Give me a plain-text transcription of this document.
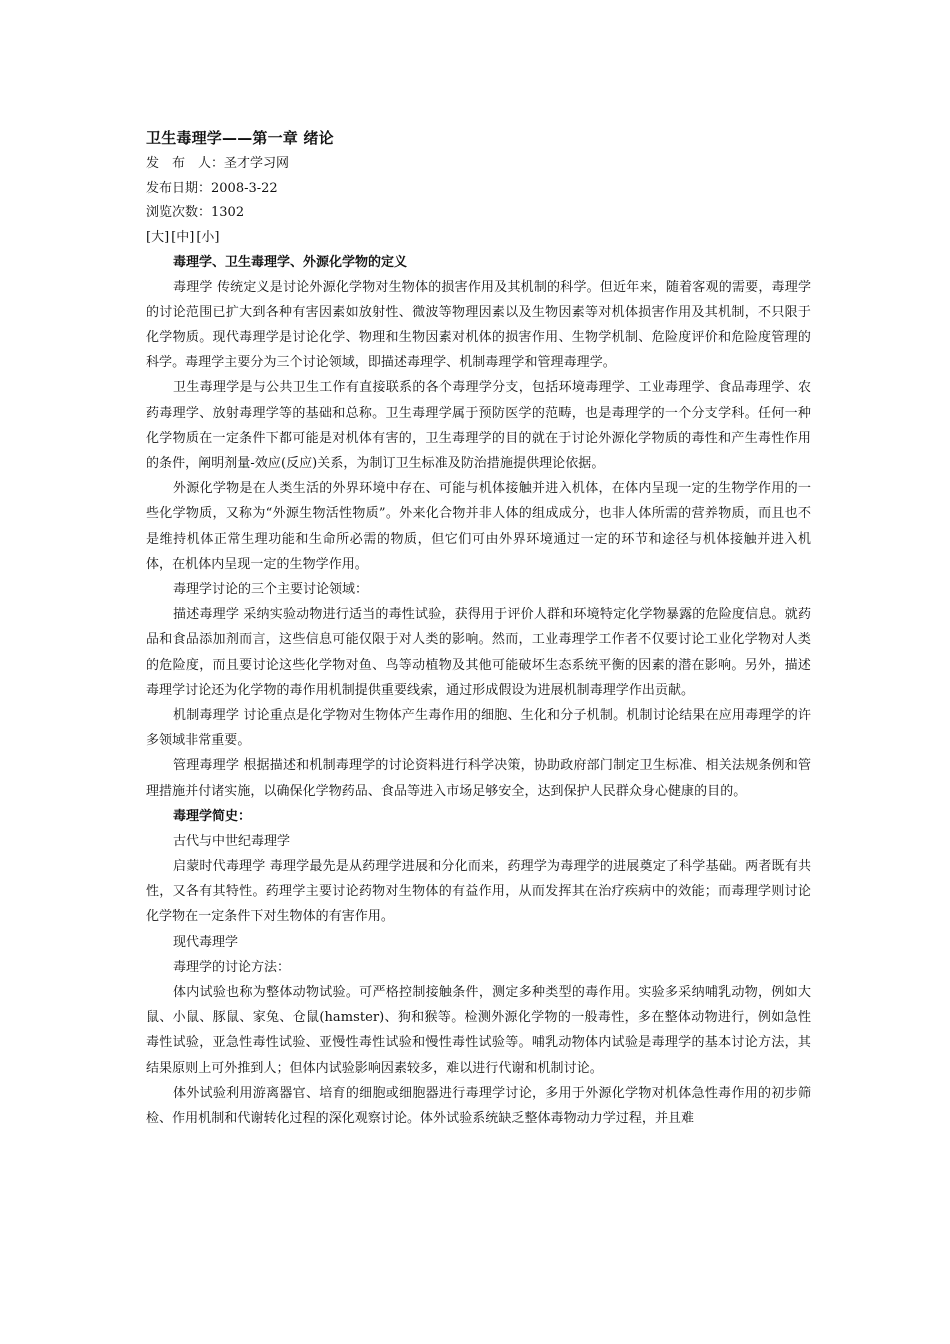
卫生毒理学——第一章 绪论
发　布　人：圣才学习网
发布日期：2008-3-22
浏览次数：1302
[大] [中] [小]
毒理学、卫生毒理学、外源化学物的定义

毒理学 传统定义是讨论外源化学物对生物体的损害作用及其机制的科学。但近年来，随着客观的需要，毒理学的讨论范围已扩大到各种有害因素如放射性、微波等物理因素以及生物因素等对机体损害作用及其机制，不只限于化学物质。现代毒理学是讨论化学、物理和生物因素对机体的损害作用、生物学机制、危险度评价和危险度管理的科学。毒理学主要分为三个讨论领域，即描述毒理学、机制毒理学和管理毒理学。

卫生毒理学是与公共卫生工作有直接联系的各个毒理学分支，包括环境毒理学、工业毒理学、食品毒理学、农药毒理学、放射毒理学等的基础和总称。卫生毒理学属于预防医学的范畴，也是毒理学的一个分支学科。任何一种化学物质在一定条件下都可能是对机体有害的，卫生毒理学的目的就在于讨论外源化学物质的毒性和产生毒性作用的条件，阐明剂量-效应(反应)关系，为制订卫生标准及防治措施提供理论依据。

外源化学物是在人类生活的外界环境中存在、可能与机体接触并进入机体，在体内呈现一定的生物学作用的一些化学物质，又称为“外源生物活性物质”。外来化合物并非人体的组成成分，也非人体所需的营养物质，而且也不是维持机体正常生理功能和生命所必需的物质，但它们可由外界环境通过一定的环节和途径与机体接触并进入机体，在机体内呈现一定的生物学作用。

毒理学讨论的三个主要讨论领域：

描述毒理学 采纳实验动物进行适当的毒性试验，获得用于评价人群和环境特定化学物暴露的危险度信息。就药品和食品添加剂而言，这些信息可能仅限于对人类的影响。然而，工业毒理学工作者不仅要讨论工业化学物对人类的危险度，而且要讨论这些化学物对鱼、鸟等动植物及其他可能破坏生态系统平衡的因素的潜在影响。另外，描述毒理学讨论还为化学物的毒作用机制提供重要线索，通过形成假设为进展机制毒理学作出贡献。

机制毒理学 讨论重点是化学物对生物体产生毒作用的细胞、生化和分子机制。机制讨论结果在应用毒理学的许多领域非常重要。

管理毒理学 根据描述和机制毒理学的讨论资料进行科学决策，协助政府部门制定卫生标准、相关法规条例和管理措施并付诸实施，以确保化学物药品、食品等进入市场足够安全，达到保护人民群众身心健康的目的。

毒理学简史：
古代与中世纪毒理学

启蒙时代毒理学 毒理学最先是从药理学进展和分化而来，药理学为毒理学的进展奠定了科学基础。两者既有共性，又各有其特性。药理学主要讨论药物对生物体的有益作用，从而发挥其在治疗疾病中的效能；而毒理学则讨论化学物在一定条件下对生物体的有害作用。

现代毒理学
毒理学的讨论方法：

体内试验也称为整体动物试验。可严格控制接触条件，测定多种类型的毒作用。实验多采纳哺乳动物，例如大鼠、小鼠、豚鼠、家兔、仓鼠(hamster)、狗和猴等。检测外源化学物的一般毒性，多在整体动物进行，例如急性毒性试验，亚急性毒性试验、亚慢性毒性试验和慢性毒性试验等。哺乳动物体内试验是毒理学的基本讨论方法，其结果原则上可外推到人；但体内试验影响因素较多，难以进行代谢和机制讨论。

体外试验利用游离器官、培育的细胞或细胞器进行毒理学讨论，多用于外源化学物对机体急性毒作用的初步筛检、作用机制和代谢转化过程的深化观察讨论。体外试验系统缺乏整体毒物动力学过程，并且难
